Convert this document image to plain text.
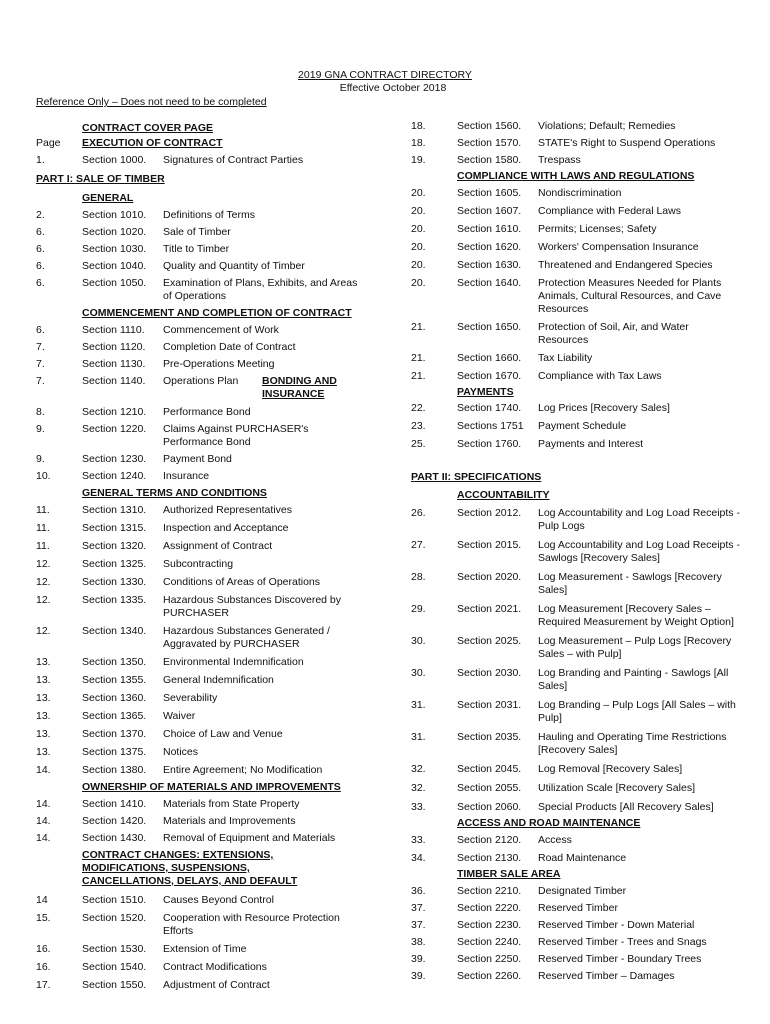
2019 GNA CONTRACT DIRECTORY
Effective October 2018
Reference Only – Does not need to be completed
CONTRACT COVER PAGE
Page EXECUTION OF CONTRACT
1.	Section 1000. Signatures of Contract Parties
PART I: SALE OF TIMBER
GENERAL
2.	Section 1010. Definitions of Terms
6.	Section 1020. Sale of Timber
6.	Section 1030. Title to Timber
6.	Section 1040. Quality and Quantity of Timber
6.	Section 1050. Examination of Plans, Exhibits, and Areas of Operations
COMMENCEMENT AND COMPLETION OF CONTRACT
6.	Section 1110. Commencement of Work
7.	Section 1120. Completion Date of Contract
7.	Section 1130. Pre-Operations Meeting
7.	Section 1140. Operations Plan	BONDING AND INSURANCE
8.	Section 1210. Performance Bond
9.	Section 1220. Claims Against PURCHASER's Performance Bond
9.	Section 1230. Payment Bond
10.	Section 1240. Insurance
GENERAL TERMS AND CONDITIONS
11.	Section 1310. Authorized Representatives
11.	Section 1315. Inspection and Acceptance
11.	Section 1320. Assignment of Contract
12.	Section 1325. Subcontracting
12.	Section 1330. Conditions of Areas of Operations
12.	Section 1335. Hazardous Substances Discovered by PURCHASER
12.	Section 1340. Hazardous Substances Generated / Aggravated by PURCHASER
13.	Section 1350. Environmental Indemnification
13.	Section 1355. General Indemnification
13.	Section 1360. Severability
13.	Section 1365. Waiver
13.	Section 1370. Choice of Law and Venue
13.	Section 1375. Notices
14.	Section 1380. Entire Agreement; No Modification
OWNERSHIP OF MATERIALS AND IMPROVEMENTS
14.	Section 1410. Materials from State Property
14.	Section 1420. Materials and Improvements
14.	Section 1430. Removal of Equipment and Materials
CONTRACT CHANGES: EXTENSIONS, MODIFICATIONS, SUSPENSIONS, CANCELLATIONS, DELAYS, AND DEFAULT
14	Section 1510. Causes Beyond Control
15.	Section 1520. Cooperation with Resource Protection Efforts
16.	Section 1530. Extension of Time
16.	Section 1540. Contract Modifications
17.	Section 1550. Adjustment of Contract
18.	Section 1560. Violations; Default; Remedies
18.	Section 1570. STATE's Right to Suspend Operations
19.	Section 1580. Trespass
COMPLIANCE WITH LAWS AND REGULATIONS
20.	Section 1605. Nondiscrimination
20.	Section 1607. Compliance with Federal Laws
20.	Section 1610. Permits; Licenses; Safety
20.	Section 1620. Workers' Compensation Insurance
20.	Section 1630. Threatened and Endangered Species
20.	Section 1640. Protection Measures Needed for Plants Animals, Cultural Resources, and Cave Resources
21.	Section 1650. Protection of Soil, Air, and Water Resources
21.	Section 1660. Tax Liability
21.	Section 1670. Compliance with Tax Laws
PAYMENTS
22.	Section 1740. Log Prices [Recovery Sales]
23.	Sections 1751 Payment Schedule
25.	Section 1760. Payments and Interest
PART II: SPECIFICATIONS
ACCOUNTABILITY
26.	Section 2012. Log Accountability and Log Load Receipts - Pulp Logs
27.	Section 2015. Log Accountability and Log Load Receipts - Sawlogs [Recovery Sales]
28.	Section 2020. Log Measurement - Sawlogs [Recovery Sales]
29.	Section 2021. Log Measurement [Recovery Sales – Required Measurement by Weight Option]
30.	Section 2025. Log Measurement – Pulp Logs [Recovery Sales – with Pulp]
30.	Section 2030. Log Branding and Painting - Sawlogs [All Sales]
31.	Section 2031. Log Branding – Pulp Logs [All Sales – with Pulp]
31.	Section 2035. Hauling and Operating Time Restrictions [Recovery Sales]
32.	Section 2045. Log Removal [Recovery Sales]
32.	Section 2055. Utilization Scale [Recovery Sales]
33.	Section 2060. Special Products [All Recovery Sales]
ACCESS AND ROAD MAINTENANCE
33.	Section 2120. Access
34.	Section 2130. Road Maintenance
TIMBER SALE AREA
36.	Section 2210. Designated Timber
37.	Section 2220. Reserved Timber
37.	Section 2230. Reserved Timber - Down Material
38.	Section 2240. Reserved Timber - Trees and Snags
39.	Section 2250. Reserved Timber - Boundary Trees
39.	Section 2260. Reserved Timber – Damages
